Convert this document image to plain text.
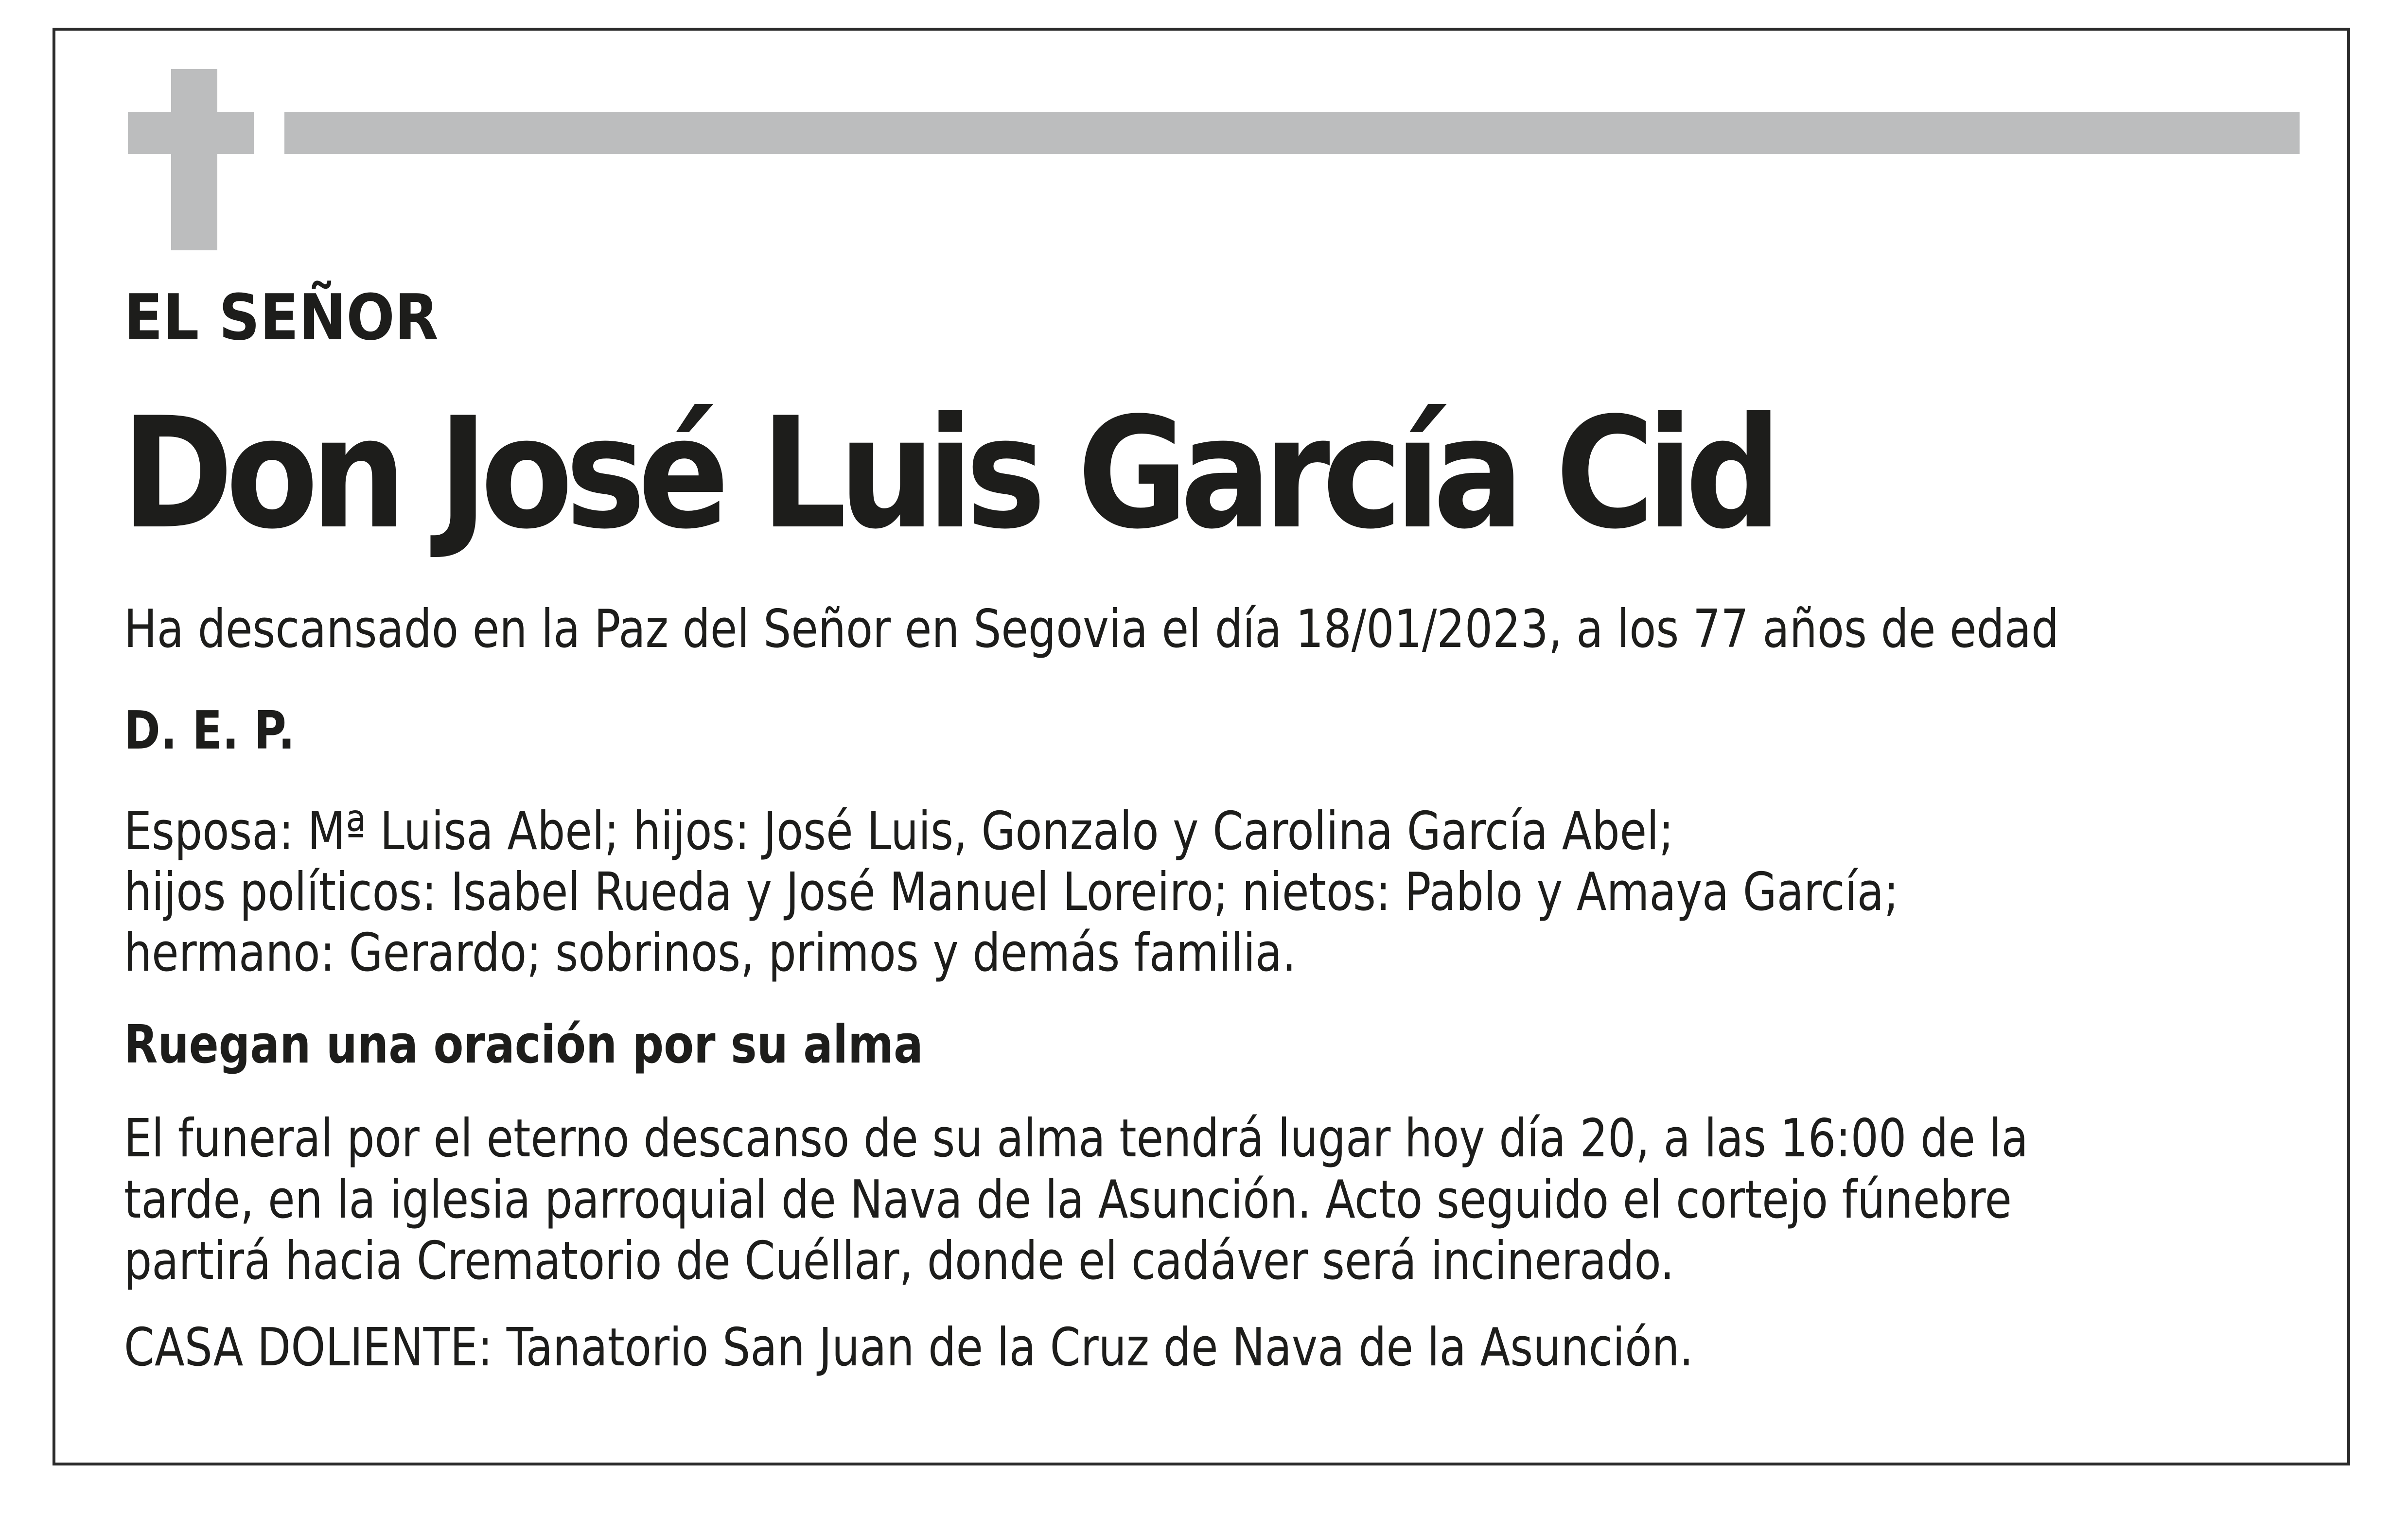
EL SEÑOR
Don José Luis García Cid
Ha descansado en la Paz del Señor en Segovia el día 18/01/2023, a los 77 años de edad
D. E. P.
Esposa: Mª Luisa Abel; hijos: José Luis, Gonzalo y Carolina García Abel;
hijos políticos: Isabel Rueda y José Manuel Loreiro; nietos: Pablo y Amaya García;
hermano: Gerardo; sobrinos, primos y demás familia.
Ruegan una oración por su alma
El funeral por el eterno descanso de su alma tendrá lugar hoy día 20, a las 16:00 de la
tarde, en la iglesia parroquial de Nava de la Asunción. Acto seguido el cortejo fúnebre
partirá hacia Crematorio de Cuéllar, donde el cadáver será incinerado.
CASA DOLIENTE: Tanatorio San Juan de la Cruz de Nava de la Asunción.
